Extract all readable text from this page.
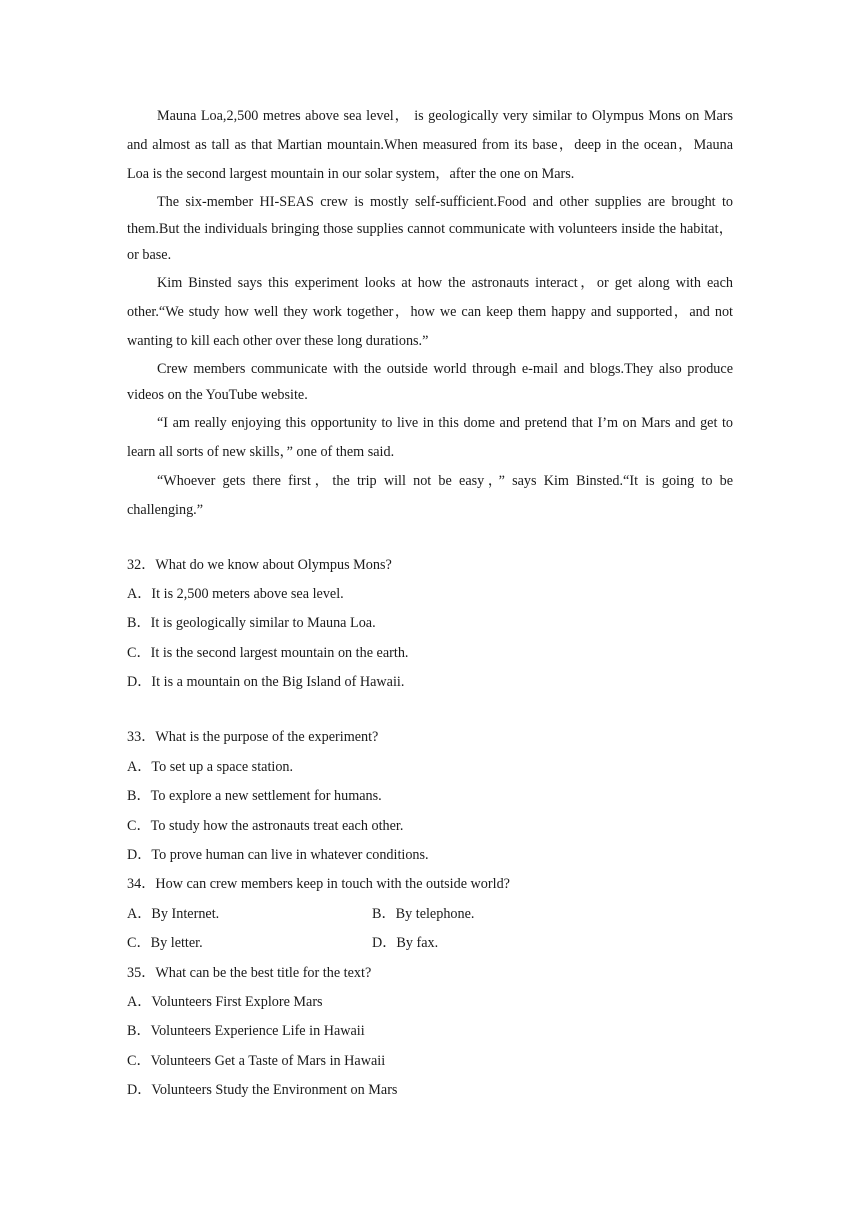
Mauna Loa,2,500 metres above sea level， is geologically very similar to Olympus Mons on Mars and almost as tall as that Martian mountain.When measured from its base，deep in the ocean，Mauna Loa is the second largest mountain in our solar system，after the one on Mars.

The six-member HI-SEAS crew is mostly self-sufficient.Food and other supplies are brought to them.But the individuals bringing those supplies cannot communicate with volunteers inside the habitat，or base.

Kim Binsted says this experiment looks at how the astronauts interact，or get along with each other.“We study how well they work together，how we can keep them happy and supported，and not wanting to kill each other over these long durations.”

Crew members communicate with the outside world through e-mail and blogs.They also produce videos on the YouTube website.

“I am really enjoying this opportunity to live in this dome and pretend that I’m on Mars and get to learn all sorts of new skills，” one of them said.

“Whoever gets there first，the trip will not be easy，” says Kim Binsted.“It is going to be challenging.”

32．What do we know about Olympus Mons?

A．It is 2,500 meters above sea level.

B．It is geologically similar to Mauna Loa.

C．It is the second largest mountain on the earth.

D．It is a mountain on the Big Island of Hawaii.

33．What is the purpose of the experiment?

A．To set up a space station.

B．To explore a new settlement for humans.

C．To study how the astronauts treat each other.

D．To prove human can live in whatever conditions.

34．How can crew members keep in touch with the outside world?

A．By Internet.	B．By telephone.
C．By letter.	D．By fax.

35．What can be the best title for the text?

A．Volunteers First Explore Mars

B．Volunteers Experience Life in Hawaii

C．Volunteers Get a Taste of Mars in Hawaii

D．Volunteers Study the Environment on Mars
